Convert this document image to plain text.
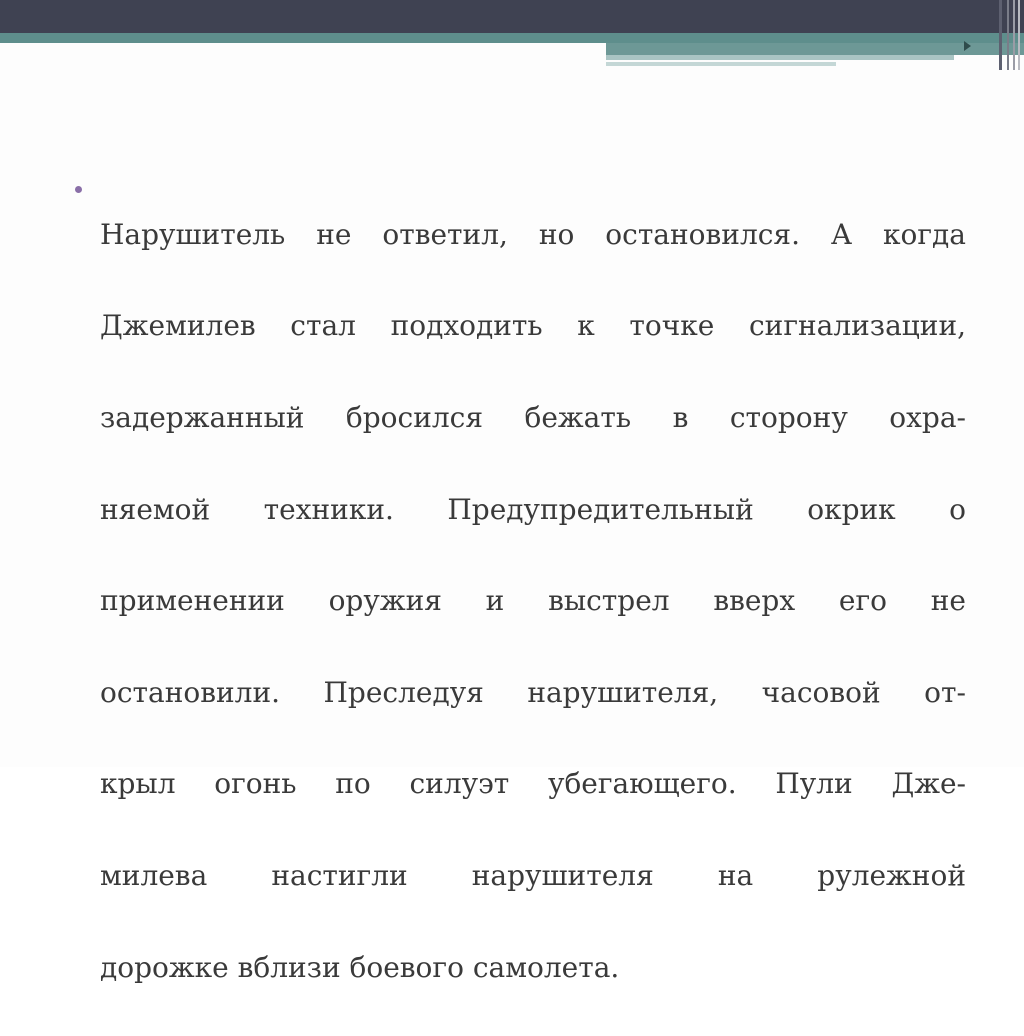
Нарушитель не ответил, но остановился. А когда

Джемилев стал подходить к точке сигнализации,

задержанный бросился бежать в сторону охра-

няемой техники. Предупредительный окрик о

применении оружия и выстрел вверх его не

остановили. Преследуя нарушителя, часовой от-

крыл огонь по силуэт убегающего. Пули Дже-

милева настигли нарушителя на рулежной

дорожке вблизи боевого самолета.
